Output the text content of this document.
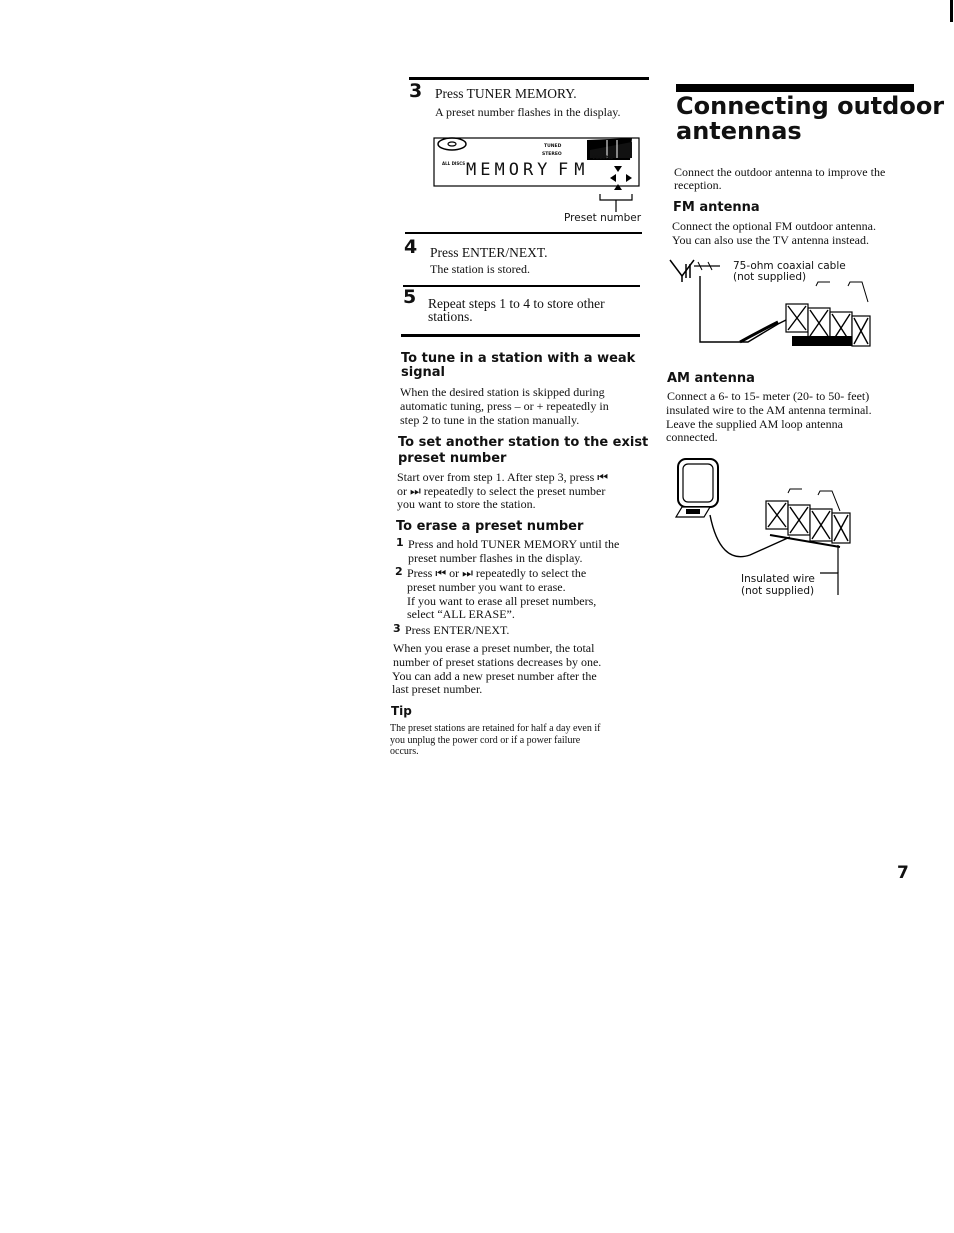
3 Press TUNER MEMORY.
A preset number flashes in the display.
TUNED
STEREO
VOLUME
ALL DISCS MEMORY FM
Preset number
4 Press ENTER/NEXT.
The station is stored.
5 Repeat steps 1 to 4 to store other
stations.
To tune in a station with a weak
signal
When the desired station is skipped during
automatic tuning, press – or + repeatedly in
step 2 to tune in the station manually.
To set another station to the exist
preset number
Start over from step 1. After step 3, press ⏮
or ⏭ repeatedly to select the preset number
you want to store the station.
To erase a preset number
1 Press and hold TUNER MEMORY until the
preset number flashes in the display.
2 Press ⏮ or ⏭ repeatedly to select the
preset number you want to erase.
If you want to erase all preset numbers,
select “ALL ERASE”.
3 Press ENTER/NEXT.
When you erase a preset number, the total
number of preset stations decreases by one.
You can add a new preset number after the
last preset number.
Tip
The preset stations are retained for half a day even if
you unplug the power cord or if a power failure
occurs.
Connecting outdoor
antennas
Connect the outdoor antenna to improve the
reception.
FM antenna
Connect the optional FM outdoor antenna.
You can also use the TV antenna instead.
75-ohm coaxial cable
(not supplied)
AM antenna
Connect a 6- to 15- meter (20- to 50- feet)
insulated wire to the AM antenna terminal.
Leave the supplied AM loop antenna
connected.
Insulated wire
(not supplied)
7
